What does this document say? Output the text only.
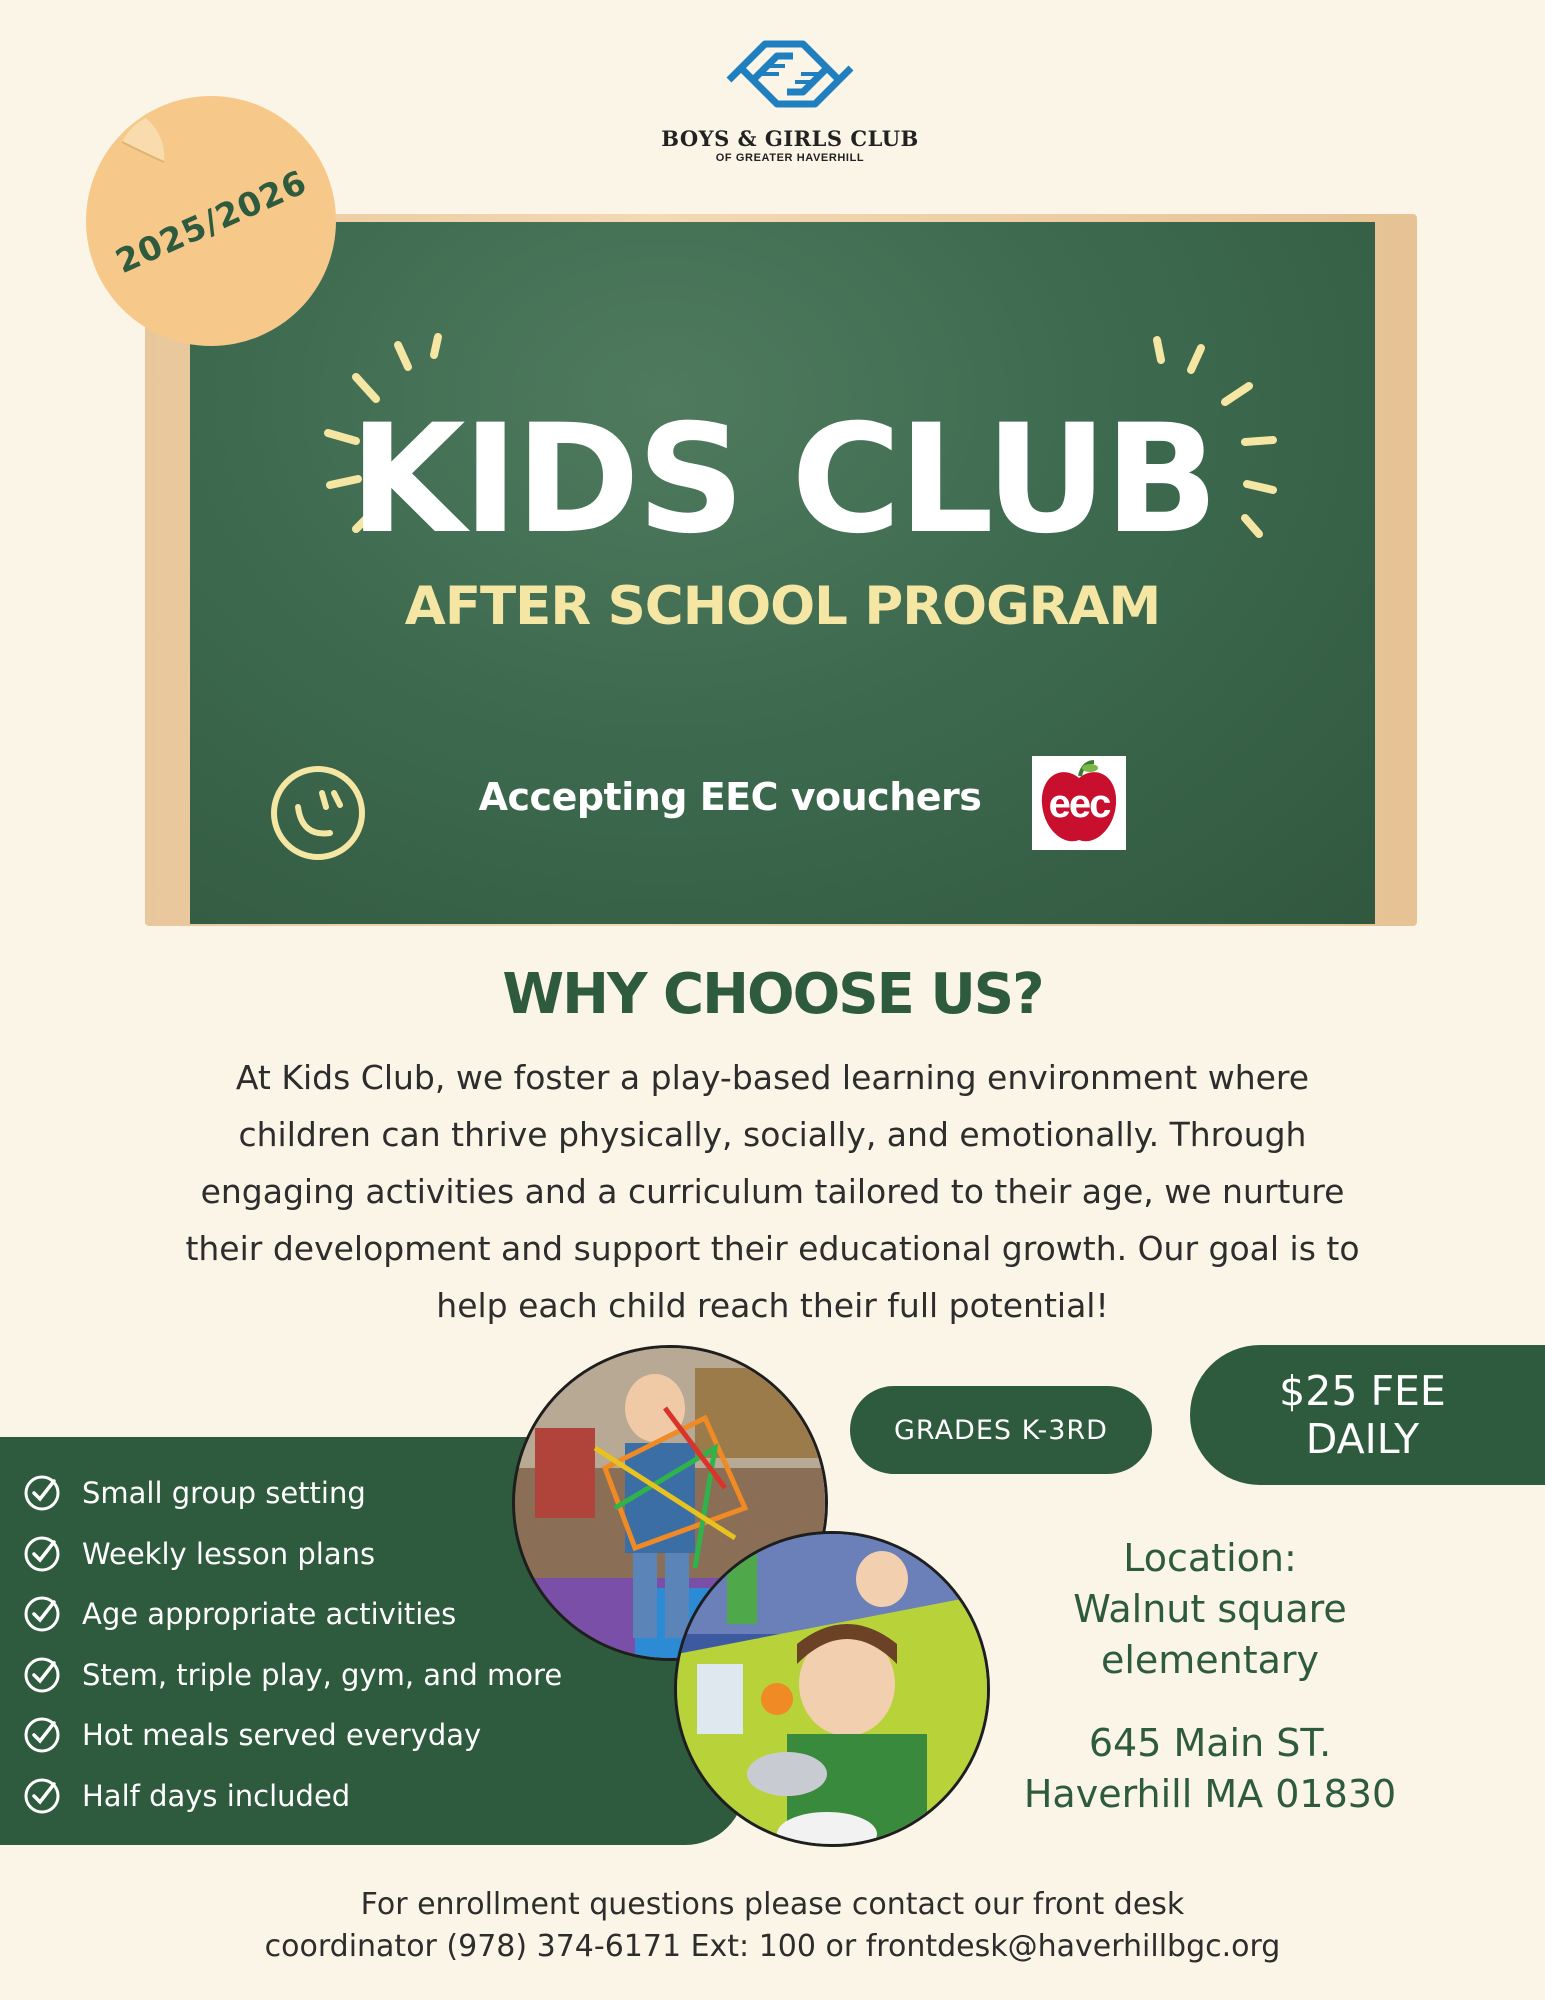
BOYS & GIRLS CLUB
OF GREATER HAVERHILL
2025/2026
KIDS CLUB
AFTER SCHOOL PROGRAM
Accepting EEC vouchers	eec
WHY CHOOSE US?
At Kids Club, we foster a play-based learning environment where
children can thrive physically, socially, and emotionally. Through
engaging activities and a curriculum tailored to their age, we nurture
their development and support their educational growth. Our goal is to
help each child reach their full potential!
Small group setting
Weekly lesson plans
Age appropriate activities
Stem, triple play, gym, and more
Hot meals served everyday
Half days included
GRADES K-3RD
$25 FEE
DAILY
Location:
Walnut square
elementary
645 Main ST.
Haverhill MA 01830
For enrollment questions please contact our front desk
coordinator (978) 374-6171 Ext: 100 or frontdesk@haverhillbgc.org
